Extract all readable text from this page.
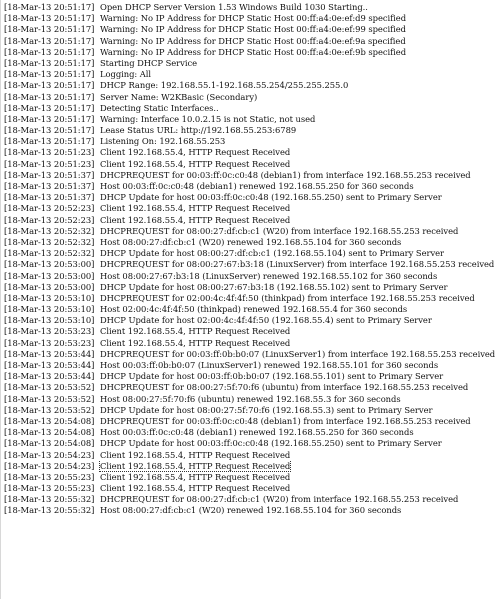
[18-Mar-13 20:51:17] Open DHCP Server Version 1.53 Windows Build 1030 Starting..
[18-Mar-13 20:51:17] Warning: No IP Address for DHCP Static Host 00:ff:a4:0e:ef:d9 specified
[18-Mar-13 20:51:17] Warning: No IP Address for DHCP Static Host 00:ff:a4:0e:ef:99 specified
[18-Mar-13 20:51:17] Warning: No IP Address for DHCP Static Host 00:ff:a4:0e:ef:9a specified
[18-Mar-13 20:51:17] Warning: No IP Address for DHCP Static Host 00:ff:a4:0e:ef:9b specified
[18-Mar-13 20:51:17] Starting DHCP Service
[18-Mar-13 20:51:17] Logging: All
[18-Mar-13 20:51:17] DHCP Range: 192.168.55.1-192.168.55.254/255.255.255.0
[18-Mar-13 20:51:17] Server Name: W2KBasic (Secondary)
[18-Mar-13 20:51:17] Detecting Static Interfaces..
[18-Mar-13 20:51:17] Warning: Interface 10.0.2.15 is not Static, not used
[18-Mar-13 20:51:17] Lease Status URL: http://192.168.55.253:6789
[18-Mar-13 20:51:17] Listening On: 192.168.55.253
[18-Mar-13 20:51:23] Client 192.168.55.4, HTTP Request Received
[18-Mar-13 20:51:23] Client 192.168.55.4, HTTP Request Received
[18-Mar-13 20:51:37] DHCPREQUEST for 00:03:ff:0c:c0:48 (debian1) from interface 192.168.55.253 received
[18-Mar-13 20:51:37] Host 00:03:ff:0c:c0:48 (debian1) renewed 192.168.55.250 for 360 seconds
[18-Mar-13 20:51:37] DHCP Update for host 00:03:ff:0c:c0:48 (192.168.55.250) sent to Primary Server
[18-Mar-13 20:52:23] Client 192.168.55.4, HTTP Request Received
[18-Mar-13 20:52:23] Client 192.168.55.4, HTTP Request Received
[18-Mar-13 20:52:32] DHCPREQUEST for 08:00:27:df:cb:c1 (W20) from interface 192.168.55.253 received
[18-Mar-13 20:52:32] Host 08:00:27:df:cb:c1 (W20) renewed 192.168.55.104 for 360 seconds
[18-Mar-13 20:52:32] DHCP Update for host 08:00:27:df:cb:c1 (192.168.55.104) sent to Primary Server
[18-Mar-13 20:53:00] DHCPREQUEST for 08:00:27:67:b3:18 (LinuxServer) from interface 192.168.55.253 received
[18-Mar-13 20:53:00] Host 08:00:27:67:b3:18 (LinuxServer) renewed 192.168.55.102 for 360 seconds
[18-Mar-13 20:53:00] DHCP Update for host 08:00:27:67:b3:18 (192.168.55.102) sent to Primary Server
[18-Mar-13 20:53:10] DHCPREQUEST for 02:00:4c:4f:4f:50 (thinkpad) from interface 192.168.55.253 received
[18-Mar-13 20:53:10] Host 02:00:4c:4f:4f:50 (thinkpad) renewed 192.168.55.4 for 360 seconds
[18-Mar-13 20:53:10] DHCP Update for host 02:00:4c:4f:4f:50 (192.168.55.4) sent to Primary Server
[18-Mar-13 20:53:23] Client 192.168.55.4, HTTP Request Received
[18-Mar-13 20:53:23] Client 192.168.55.4, HTTP Request Received
[18-Mar-13 20:53:44] DHCPREQUEST for 00:03:ff:0b:b0:07 (LinuxServer1) from interface 192.168.55.253 received
[18-Mar-13 20:53:44] Host 00:03:ff:0b:b0:07 (LinuxServer1) renewed 192.168.55.101 for 360 seconds
[18-Mar-13 20:53:44] DHCP Update for host 00:03:ff:0b:b0:07 (192.168.55.101) sent to Primary Server
[18-Mar-13 20:53:52] DHCPREQUEST for 08:00:27:5f:70:f6 (ubuntu) from interface 192.168.55.253 received
[18-Mar-13 20:53:52] Host 08:00:27:5f:70:f6 (ubuntu) renewed 192.168.55.3 for 360 seconds
[18-Mar-13 20:53:52] DHCP Update for host 08:00:27:5f:70:f6 (192.168.55.3) sent to Primary Server
[18-Mar-13 20:54:08] DHCPREQUEST for 00:03:ff:0c:c0:48 (debian1) from interface 192.168.55.253 received
[18-Mar-13 20:54:08] Host 00:03:ff:0c:c0:48 (debian1) renewed 192.168.55.250 for 360 seconds
[18-Mar-13 20:54:08] DHCP Update for host 00:03:ff:0c:c0:48 (192.168.55.250) sent to Primary Server
[18-Mar-13 20:54:23] Client 192.168.55.4, HTTP Request Received
[18-Mar-13 20:54:23] Client 192.168.55.4, HTTP Request Received
[18-Mar-13 20:55:23] Client 192.168.55.4, HTTP Request Received
[18-Mar-13 20:55:23] Client 192.168.55.4, HTTP Request Received
[18-Mar-13 20:55:32] DHCPREQUEST for 08:00:27:df:cb:c1 (W20) from interface 192.168.55.253 received
[18-Mar-13 20:55:32] Host 08:00:27:df:cb:c1 (W20) renewed 192.168.55.104 for 360 seconds
